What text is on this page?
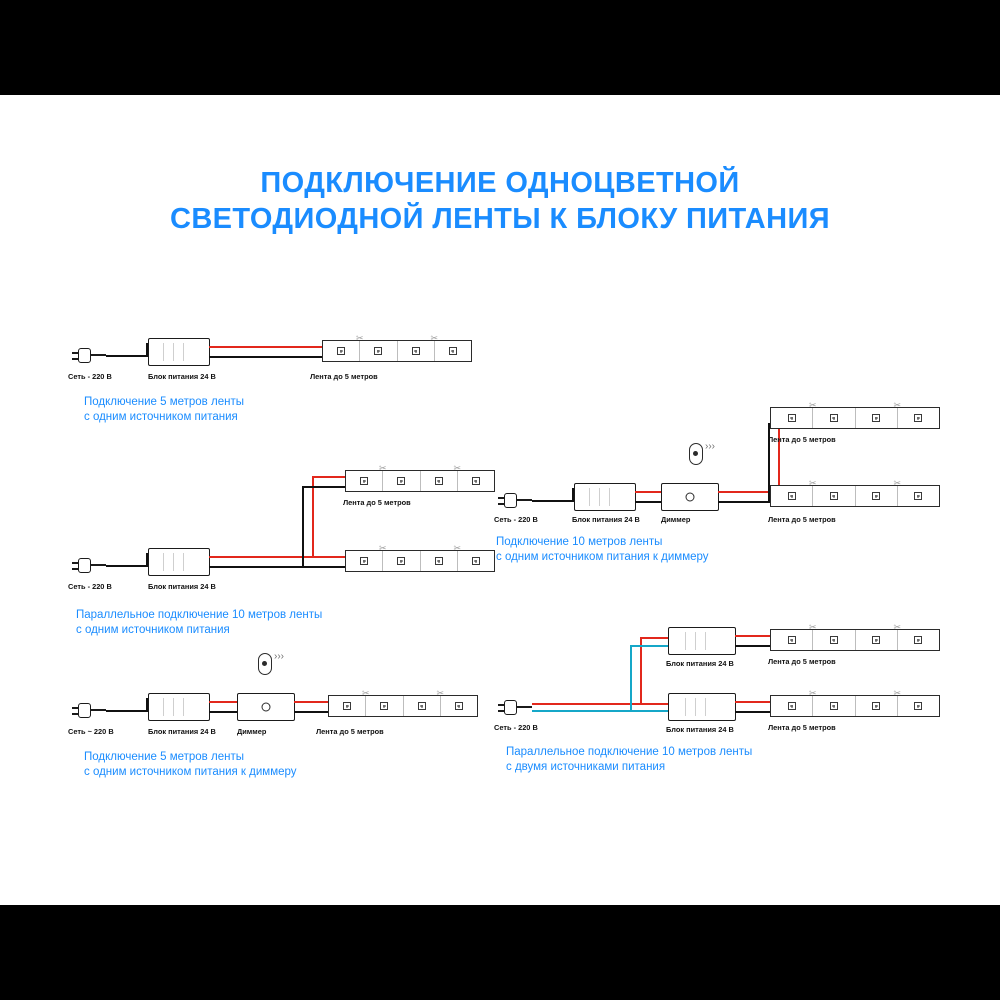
ПОДКЛЮЧЕНИЕ ОДНОЦВЕТНОЙ
СВЕТОДИОДНОЙ ЛЕНТЫ К БЛОКУ ПИТАНИЯ
✂	✂
Сеть - 220 В	Блок питания 24 В	Лента до 5 метров
Подключение 5 метров ленты
с одним источником питания
✂	✂
Лента до 5 метров
✂	✂
Сеть - 220 В	Блок питания 24 В
Параллельное подключение 10 метров ленты
с одним источником питания
›››
✂	✂
Сеть ~ 220 В	Блок питания 24 В	Диммер	Лента до 5 метров
Подключение 5 метров ленты
с одним источником питания к диммеру
›››
✂	✂
Лента до 5 метров
✂	✂
Лента до 5 метров
Сеть - 220 В	Блок питания 24 В	Диммер
Подключение 10 метров ленты
с одним источником питания к диммеру
Блок питания 24 В
Блок питания 24 В
✂	✂
Лента до 5 метров
✂	✂
Лента до 5 метров
Сеть - 220 В
Параллельное подключение 10 метров ленты
с двумя источниками питания
